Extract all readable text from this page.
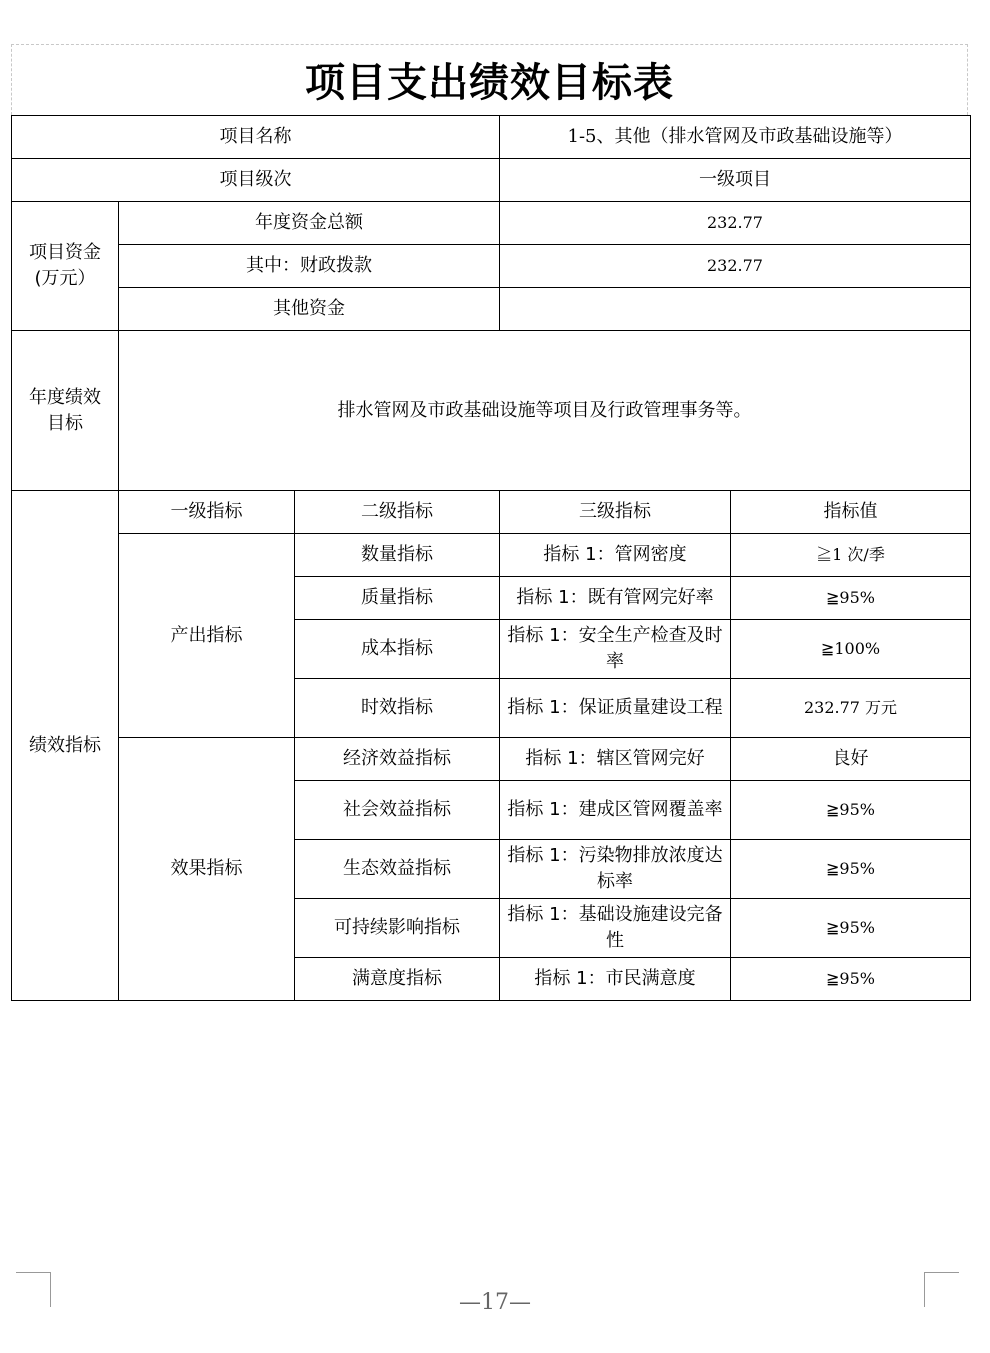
项目支出绩效目标表
项目名称			1-5、其他（排水管网及市政基础设施等）	
项目级次			一级项目	
项目资金
(万元）	年度资金总额		232.77	
	其中：财政拨款		232.77	
	其他资金			
年度绩效
目标	排水管网及市政基础设施等项目及行政管理事务等。			
绩效指标	一级指标	二级指标	三级指标	指标值
	产出指标	数量指标	指标 1：管网密度	≧1 次/季
		质量指标	指标 1：既有管网完好率	≧95%
		成本指标	指标 1：安全生产检查及时率	≧100%
		时效指标	指标 1：保证质量建设工程	232.77 万元
	效果指标	经济效益指标	指标 1：辖区管网完好	良好
		社会效益指标	指标 1：建成区管网覆盖率	≧95%
		生态效益指标	指标 1：污染物排放浓度达标率	≧95%
		可持续影响指标	指标 1：基础设施建设完备性	≧95%
		满意度指标	指标 1：市民满意度	≧95%
—17—
